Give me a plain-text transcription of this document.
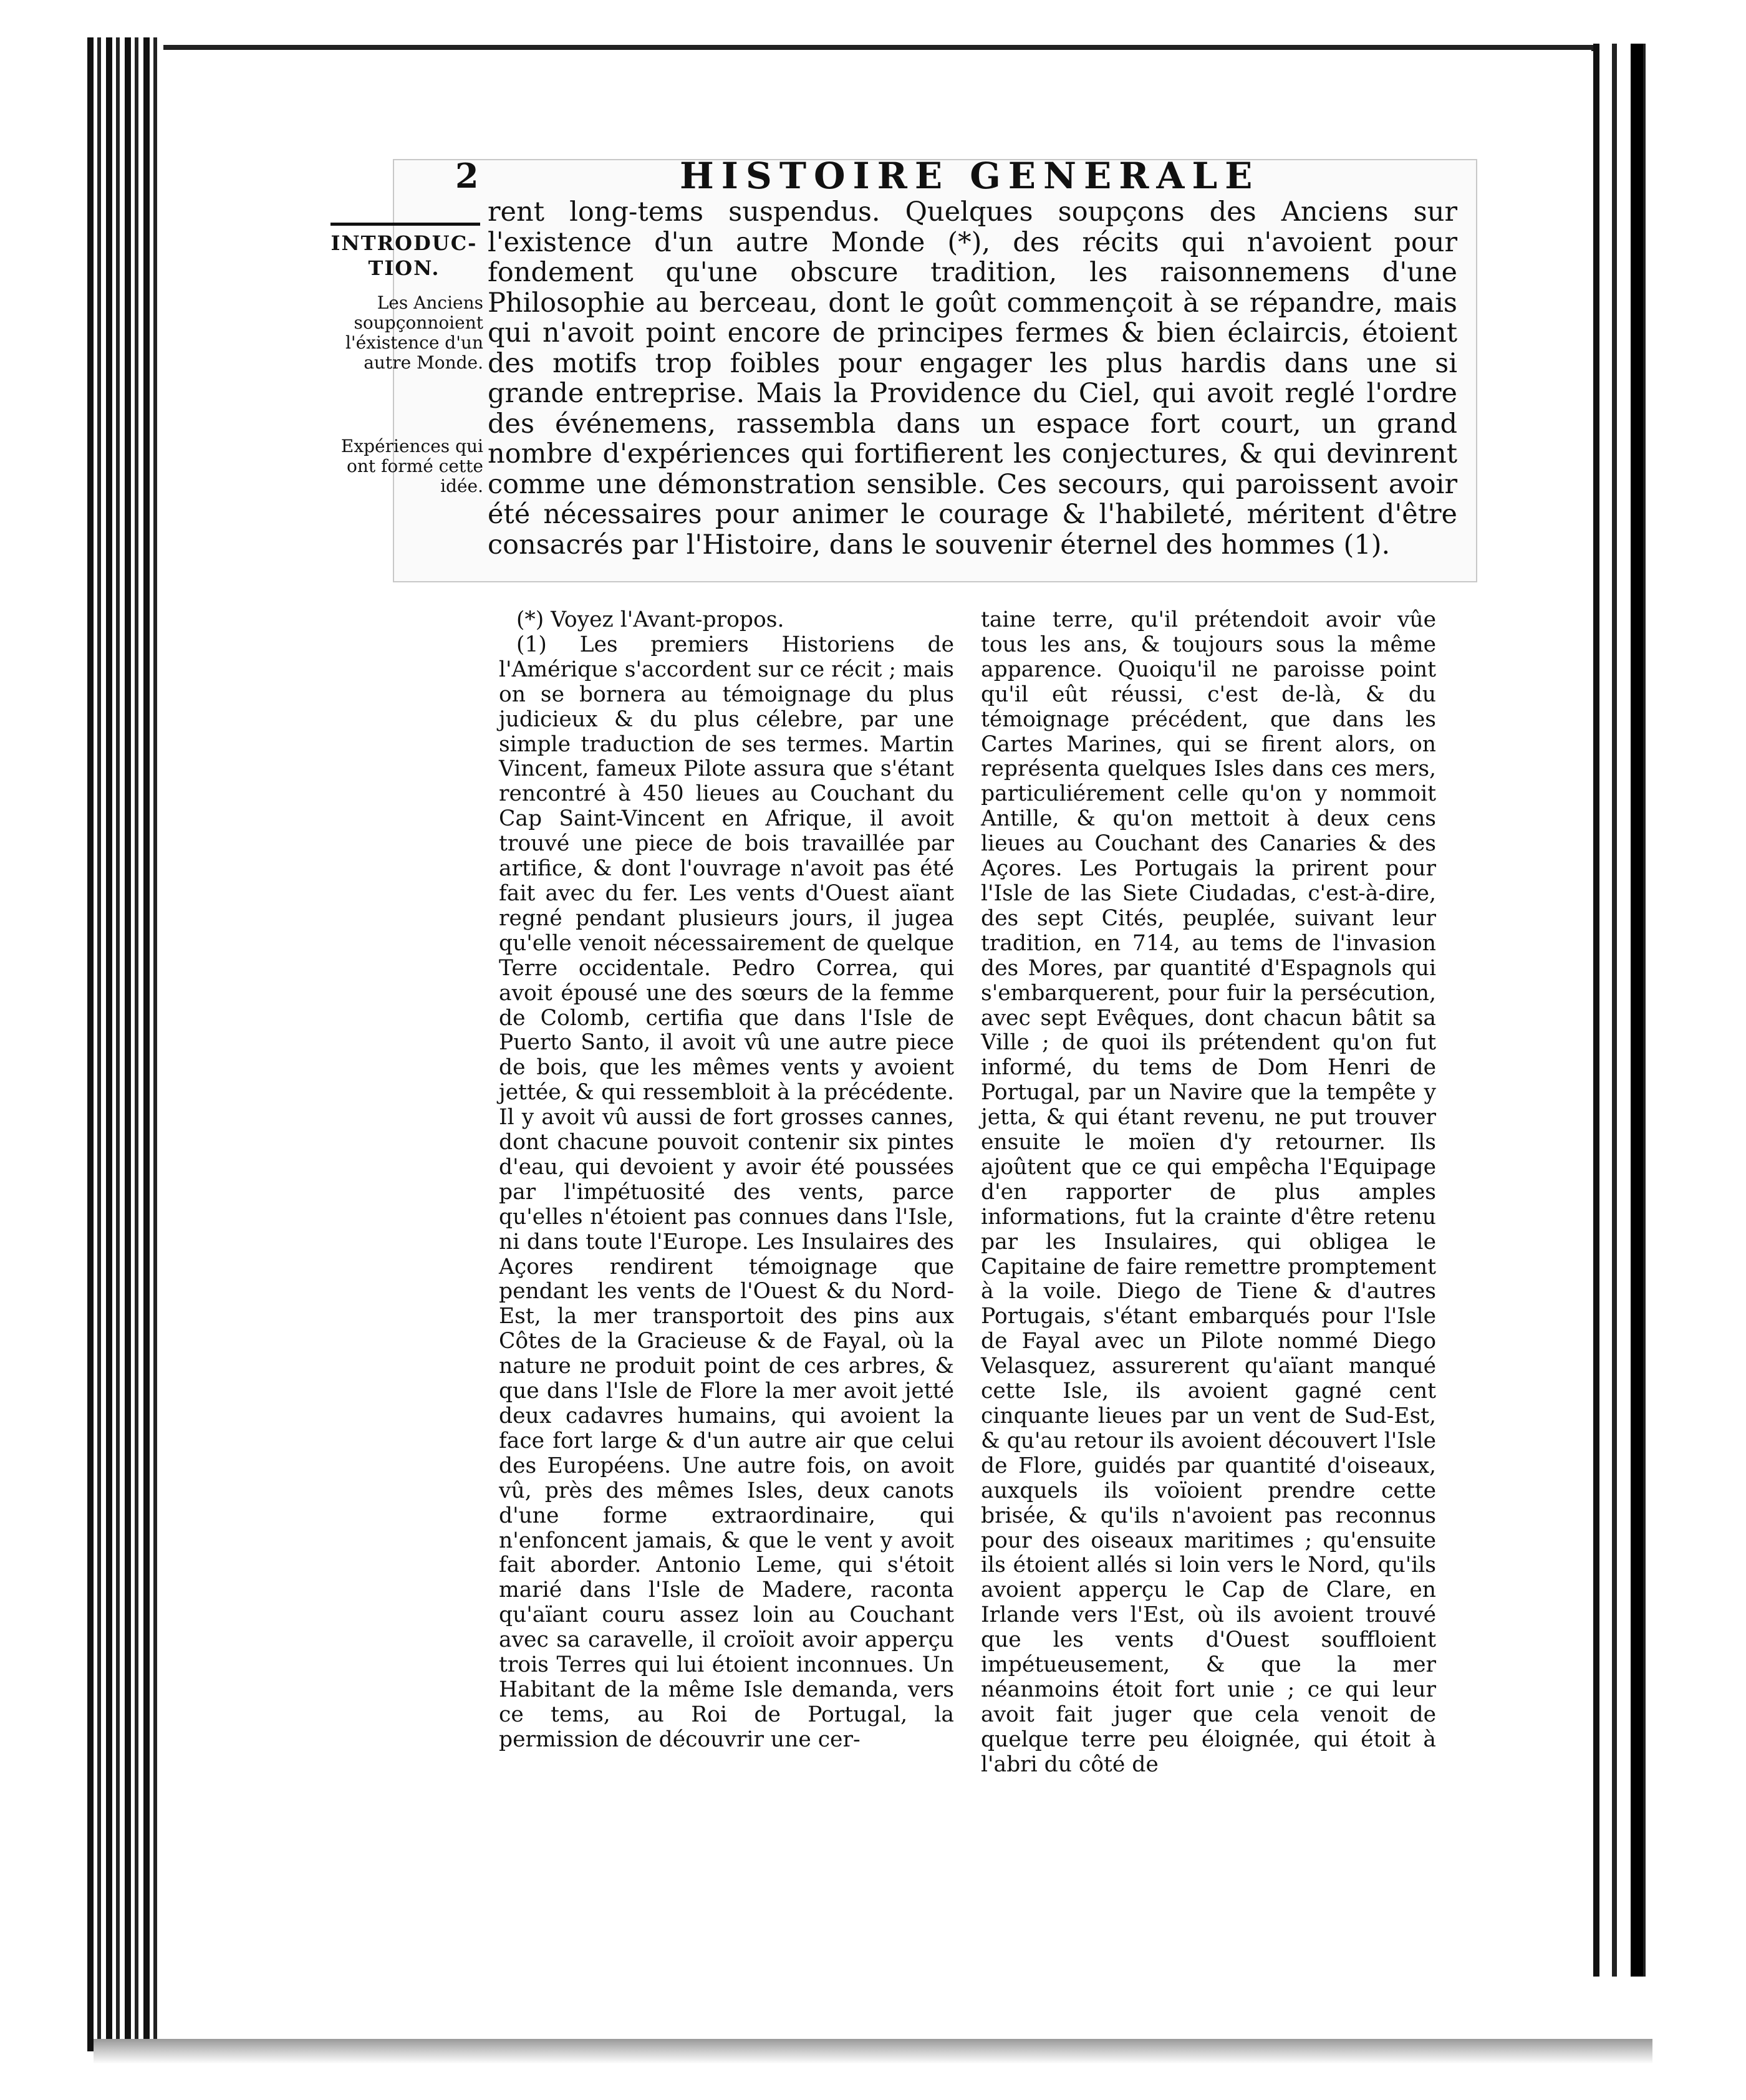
2	HISTOIRE GENERALE
INTRODUC-TION.
Les Anciens soupçonnoient l'éxistence d'un autre Monde.
Expériences qui ont formé cette idée.
rent long-tems suspendus. Quelques soupçons des Anciens sur l'existence d'un autre Monde (*), des récits qui n'avoient pour fondement qu'une obscure tradition, les raisonnemens d'une Philosophie au berceau, dont le goût commençoit à se répandre, mais qui n'avoit point encore de principes fermes & bien éclaircis, étoient des motifs trop foibles pour engager les plus hardis dans une si grande entreprise. Mais la Providence du Ciel, qui avoit reglé l'ordre des événemens, rassembla dans un espace fort court, un grand nombre d'expériences qui fortifierent les conjectures, & qui devinrent comme une démonstration sensible. Ces secours, qui paroissent avoir été nécessaires pour animer le courage & l'habileté, méritent d'être consacrés par l'Histoire, dans le souvenir éternel des hommes (1).

(*) Voyez l'Avant-propos.

(1) Les premiers Historiens de l'Amérique s'accordent sur ce récit ; mais on se bornera au témoignage du plus judicieux & du plus célebre, par une simple traduction de ses termes. Martin Vincent, fameux Pilote assura que s'étant rencontré à 450 lieues au Couchant du Cap Saint-Vincent en Afrique, il avoit trouvé une piece de bois travaillée par artifice, & dont l'ouvrage n'avoit pas été fait avec du fer. Les vents d'Ouest aïant regné pendant plusieurs jours, il jugea qu'elle venoit nécessairement de quelque Terre occidentale. Pedro Correa, qui avoit épousé une des sœurs de la femme de Colomb, certifia que dans l'Isle de Puerto Santo, il avoit vû une autre piece de bois, que les mêmes vents y avoient jettée, & qui ressembloit à la précédente. Il y avoit vû aussi de fort grosses cannes, dont chacune pouvoit contenir six pintes d'eau, qui devoient y avoir été poussées par l'impétuosité des vents, parce qu'elles n'étoient pas connues dans l'Isle, ni dans toute l'Europe. Les Insulaires des Açores rendirent témoignage que pendant les vents de l'Ouest & du Nord-Est, la mer transportoit des pins aux Côtes de la Gracieuse & de Fayal, où la nature ne produit point de ces arbres, & que dans l'Isle de Flore la mer avoit jetté deux cadavres humains, qui avoient la face fort large & d'un autre air que celui des Européens. Une autre fois, on avoit vû, près des mêmes Isles, deux canots d'une forme extraordinaire, qui n'enfoncent jamais, & que le vent y avoit fait aborder. Antonio Leme, qui s'étoit marié dans l'Isle de Madere, raconta qu'aïant couru assez loin au Couchant avec sa caravelle, il croïoit avoir apperçu trois Terres qui lui étoient inconnues. Un Habitant de la même Isle demanda, vers ce tems, au Roi de Portugal, la permission de découvrir une cer-

taine terre, qu'il prétendoit avoir vûe tous les ans, & toujours sous la même apparence. Quoiqu'il ne paroisse point qu'il eût réussi, c'est de-là, & du témoignage précédent, que dans les Cartes Marines, qui se firent alors, on représenta quelques Isles dans ces mers, particuliérement celle qu'on y nommoit Antille, & qu'on mettoit à deux cens lieues au Couchant des Canaries & des Açores. Les Portugais la prirent pour l'Isle de las Siete Ciudadas, c'est-à-dire, des sept Cités, peuplée, suivant leur tradition, en 714, au tems de l'invasion des Mores, par quantité d'Espagnols qui s'embarquerent, pour fuir la persécution, avec sept Evêques, dont chacun bâtit sa Ville ; de quoi ils prétendent qu'on fut informé, du tems de Dom Henri de Portugal, par un Navire que la tempête y jetta, & qui étant revenu, ne put trouver ensuite le moïen d'y retourner. Ils ajoûtent que ce qui empêcha l'Equipage d'en rapporter de plus amples informations, fut la crainte d'être retenu par les Insulaires, qui obligea le Capitaine de faire remettre promptement à la voile. Diego de Tiene & d'autres Portugais, s'étant embarqués pour l'Isle de Fayal avec un Pilote nommé Diego Velasquez, assurerent qu'aïant manqué cette Isle, ils avoient gagné cent cinquante lieues par un vent de Sud-Est, & qu'au retour ils avoient découvert l'Isle de Flore, guidés par quantité d'oiseaux, auxquels ils voïoient prendre cette brisée, & qu'ils n'avoient pas reconnus pour des oiseaux maritimes ; qu'ensuite ils étoient allés si loin vers le Nord, qu'ils avoient apperçu le Cap de Clare, en Irlande vers l'Est, où ils avoient trouvé que les vents d'Ouest souffloient impétueusement, & que la mer néanmoins étoit fort unie ; ce qui leur avoit fait juger que cela venoit de quelque terre peu éloignée, qui étoit à l'abri du côté de
